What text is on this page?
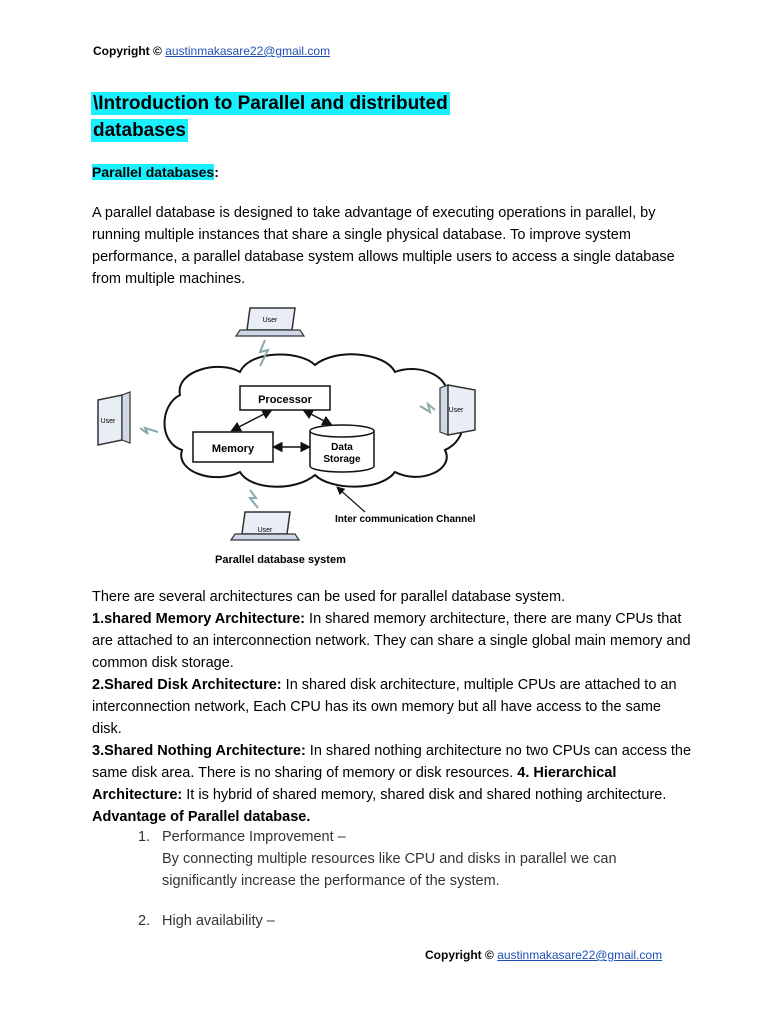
Copyright © austinmakasare22@gmail.com
\Introduction to Parallel and distributed
databases
Parallel databases:
A parallel database is designed to take advantage of executing operations in parallel, by running multiple instances that share a single physical database. To improve system performance, a parallel database system allows multiple users to access a single database from multiple machines.
Processor
Memory	Data
Storage
User
User
User
User
Inter communication Channel
Parallel database system
There are several architectures can be used for parallel database system.
1.shared Memory Architecture: In shared memory architecture, there are many CPUs that are attached to an interconnection network. They can share a single global main memory and common disk storage.
2.Shared Disk Architecture: In shared disk architecture, multiple CPUs are attached to an interconnection network, Each CPU has its own memory but all have access to the same disk.
3.Shared Nothing Architecture: In shared nothing architecture no two CPUs can access the same disk area. There is no sharing of memory or disk resources. 4. Hierarchical Architecture: It is hybrid of shared memory, shared disk and shared nothing architecture. Advantage of Parallel database.
1. Performance Improvement –

By connecting multiple resources like CPU and disks in parallel we can
significantly increase the performance of the system.
2. High availability –
Copyright © austinmakasare22@gmail.com
